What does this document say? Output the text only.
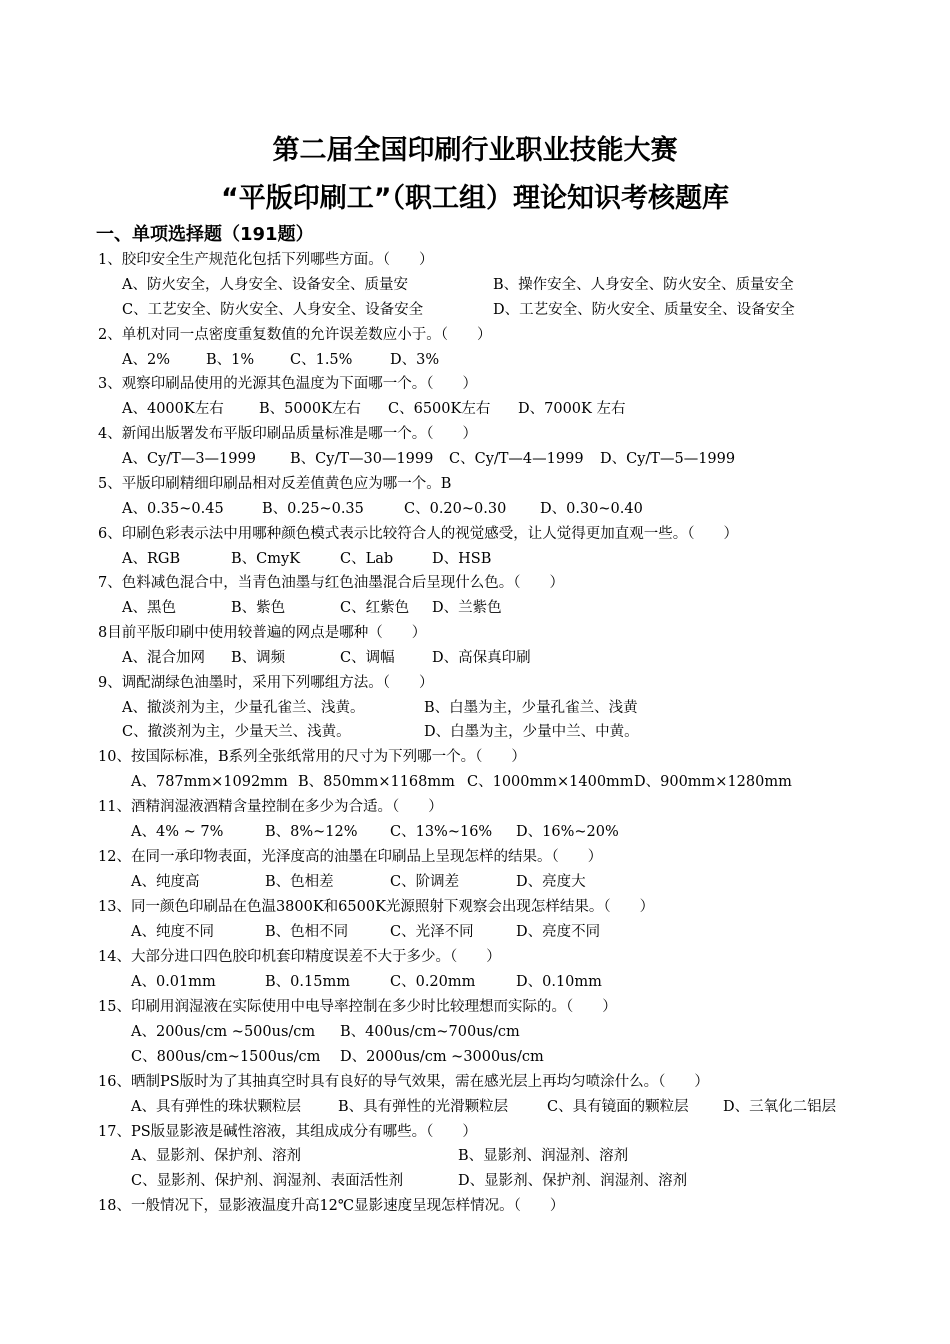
第二届全国印刷行业职业技能大赛
“平版印刷工”（职工组）理论知识考核题库
一、单项选择题（191题）
1、胶印安全生产规范化包括下列哪些方面。（　　）
A、防火安全，人身安全、设备安全、质量安	B、操作安全、人身安全、防火安全、质量安全
C、工艺安全、防火安全、人身安全、设备安全	D、工艺安全、防火安全、质量安全、设备安全
2、单机对同一点密度重复数值的允许误差数应小于。（　　）
A、2% B、1% C、1.5%	D、3%
3、观察印刷品使用的光源其色温度为下面哪一个。（　　）
A、4000K左右 B、5000K左右 C、6500K左右 D、7000K 左右
4、新闻出版署发布平版印刷品质量标准是哪一个。（　　）
A、Cy/T—3—1999 B、Cy/T—30—1999 C、Cy/T—4—1999 D、Cy/T—5—1999
5、平版印刷精细印刷品相对反差值黄色应为哪一个。B
A、0.35~0.45	B、0.25~0.35	C、0.20~0.30 D、0.30~0.40
6、印刷色彩表示法中用哪种颜色模式表示比较符合人的视觉感受，让人觉得更加直观一些。（　　）
A、RGB	B、CmyK	C、Lab	D、HSB
7、色料减色混合中，当青色油墨与红色油墨混合后呈现什么色。（　　）
A、黑色	B、紫色	C、红紫色 D、兰紫色
8目前平版印刷中使用较普遍的网点是哪种（　　）
A、混合加网 B、调频	C、调幅	D、高保真印刷
9、调配湖绿色油墨时，采用下列哪组方法。（　　）
A、撤淡剂为主，少量孔雀兰、浅黄。	B、白墨为主，少量孔雀兰、浅黄
C、撤淡剂为主，少量天兰、浅黄。	D、白墨为主，少量中兰、中黄。
10、按国际标准，B系列全张纸常用的尺寸为下列哪一个。（　　）
A、787mm×1092mm B、850mm×1168mm C、1000mm×1400mm D、900mm×1280mm
11、酒精润湿液酒精含量控制在多少为合适。（　　）
A、4% ~ 7%	B、8%~12% C、13%~16% D、16%~20%
12、在同一承印物表面，光泽度高的油墨在印刷品上呈现怎样的结果。（　　）
A、纯度高	B、色相差	C、阶调差	D、亮度大
13、同一颜色印刷品在色温3800K和6500K光源照射下观察会出现怎样结果。（　　）
A、纯度不同	B、色相不同	C、光泽不同	D、亮度不同
14、大部分进口四色胶印机套印精度误差不大于多少。（　　）
A、0.01mm	B、0.15mm	C、0.20mm	D、0.10mm
15、印刷用润湿液在实际使用中电导率控制在多少时比较理想而实际的。（　　）
A、200us/cm ~500us/cm B、400us/cm~700us/cm
C、800us/cm~1500us/cm D、2000us/cm ~3000us/cm
16、晒制PS版时为了其抽真空时具有良好的导气效果，需在感光层上再均匀喷涂什么。（　　）
A、具有弹性的珠状颗粒层	B、具有弹性的光滑颗粒层	C、具有镜面的颗粒层 D、三氧化二铝层
17、PS版显影液是碱性溶液，其组成成分有哪些。（　　）
A、显影剂、保护剂、溶剂	B、显影剂、润湿剂、溶剂
C、显影剂、保护剂、润湿剂、表面活性剂	D、显影剂、保护剂、润湿剂、溶剂
18、一般情况下，显影液温度升高12℃显影速度呈现怎样情况。（　　）
